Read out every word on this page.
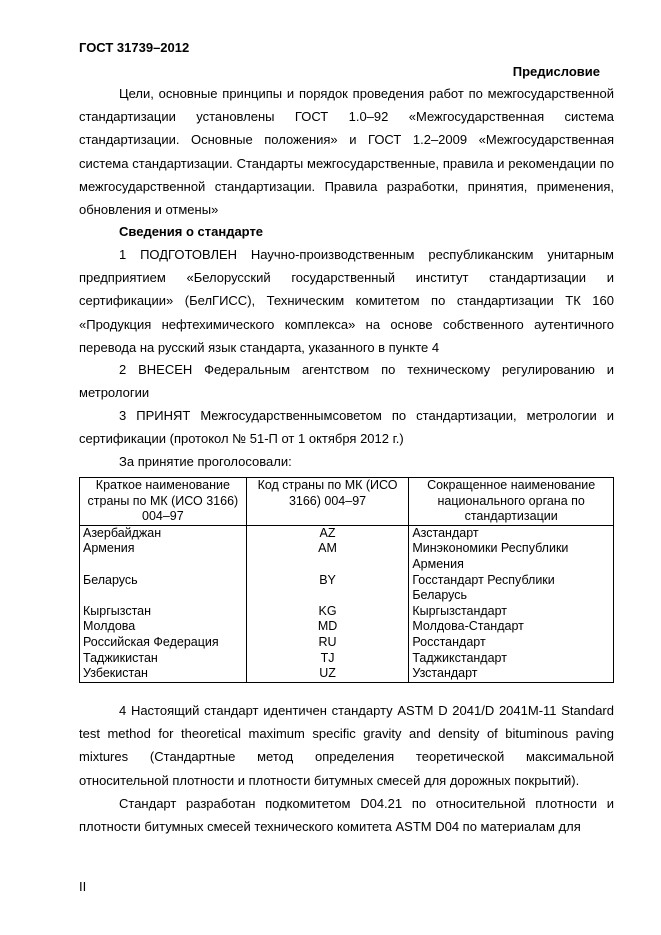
ГОСТ 31739–2012
Предисловие

Цели, основные принципы и порядок проведения работ по межгосударственной стандартизации установлены ГОСТ 1.0–92 «Межгосударственная система стандартизации. Основные положения» и ГОСТ 1.2–2009 «Межгосударственная система стандартизации. Стандарты межгосударственные, правила и рекомендации по межгосударственной стандартизации. Правила разработки, принятия, применения, обновления и отмены»

Сведения о стандарте

1 ПОДГОТОВЛЕН Научно-производственным республиканским унитарным предприятием «Белорусский государственный институт стандартизации и сертификации» (БелГИСС), Техническим комитетом по стандартизации ТК 160 «Продукция нефтехимического комплекса» на основе собственного аутентичного перевода на русский язык стандарта, указанного в пункте 4

2 ВНЕСЕН Федеральным агентством по техническому регулированию и метрологии

3 ПРИНЯТ Межгосударственнымсоветом по стандартизации, метрологии и сертификации (протокол № 51-П от 1 октября 2012 г.)

За принятие проголосовали:

Краткое наименование страны по МК (ИСО 3166) 004–97	Код страны по МК (ИСО 3166) 004–97	Сокращенное наименование национального органа по стандартизации
Азербайджан	AZ	Азстандарт
Армения	AM	Минэкономики Республики Армения
Беларусь	BY	Госстандарт Республики Беларусь
Кыргызстан	KG	Кыргызстандарт
Молдова	MD	Молдова-Стандарт
Российская Федерация	RU	Росстандарт
Таджикистан	TJ	Таджикстандарт
Узбекистан	UZ	Узстандарт

4 Настоящий стандарт идентичен стандарту ASTM D 2041/D 2041M-11 Standard test method for theoretical maximum specific gravity and density of bituminous paving mixtures (Стандартные метод определения теоретической максимальной относительной плотности и плотности битумных смесей для дорожных покрытий).

Стандарт разработан подкомитетом D04.21 по относительной плотности и плотности битумных смесей технического комитета ASTM D04 по материалам для

II
